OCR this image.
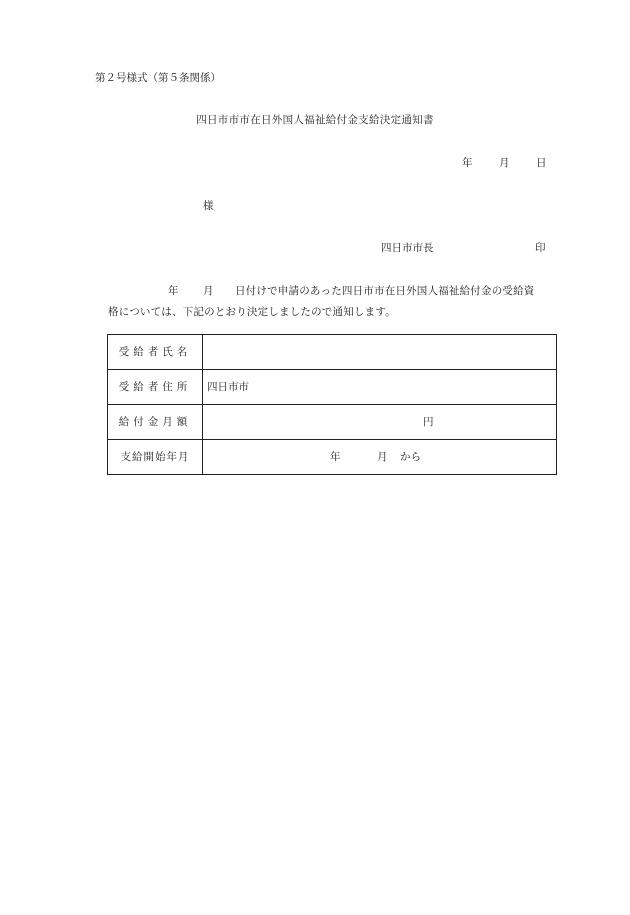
第２号様式（第５条関係）
四日市市市在日外国人福祉給付金支給決定通知書
年	月	日
様
四日市市長	印
年 月 日付けで申請のあった四日市市在日外国人福祉給付金の受給資
格については、下記のとおり決定しましたので通知します。
受給者氏名	
受給者住所	四日市市
給付金月額	円

支給開始年月	年 月 から
